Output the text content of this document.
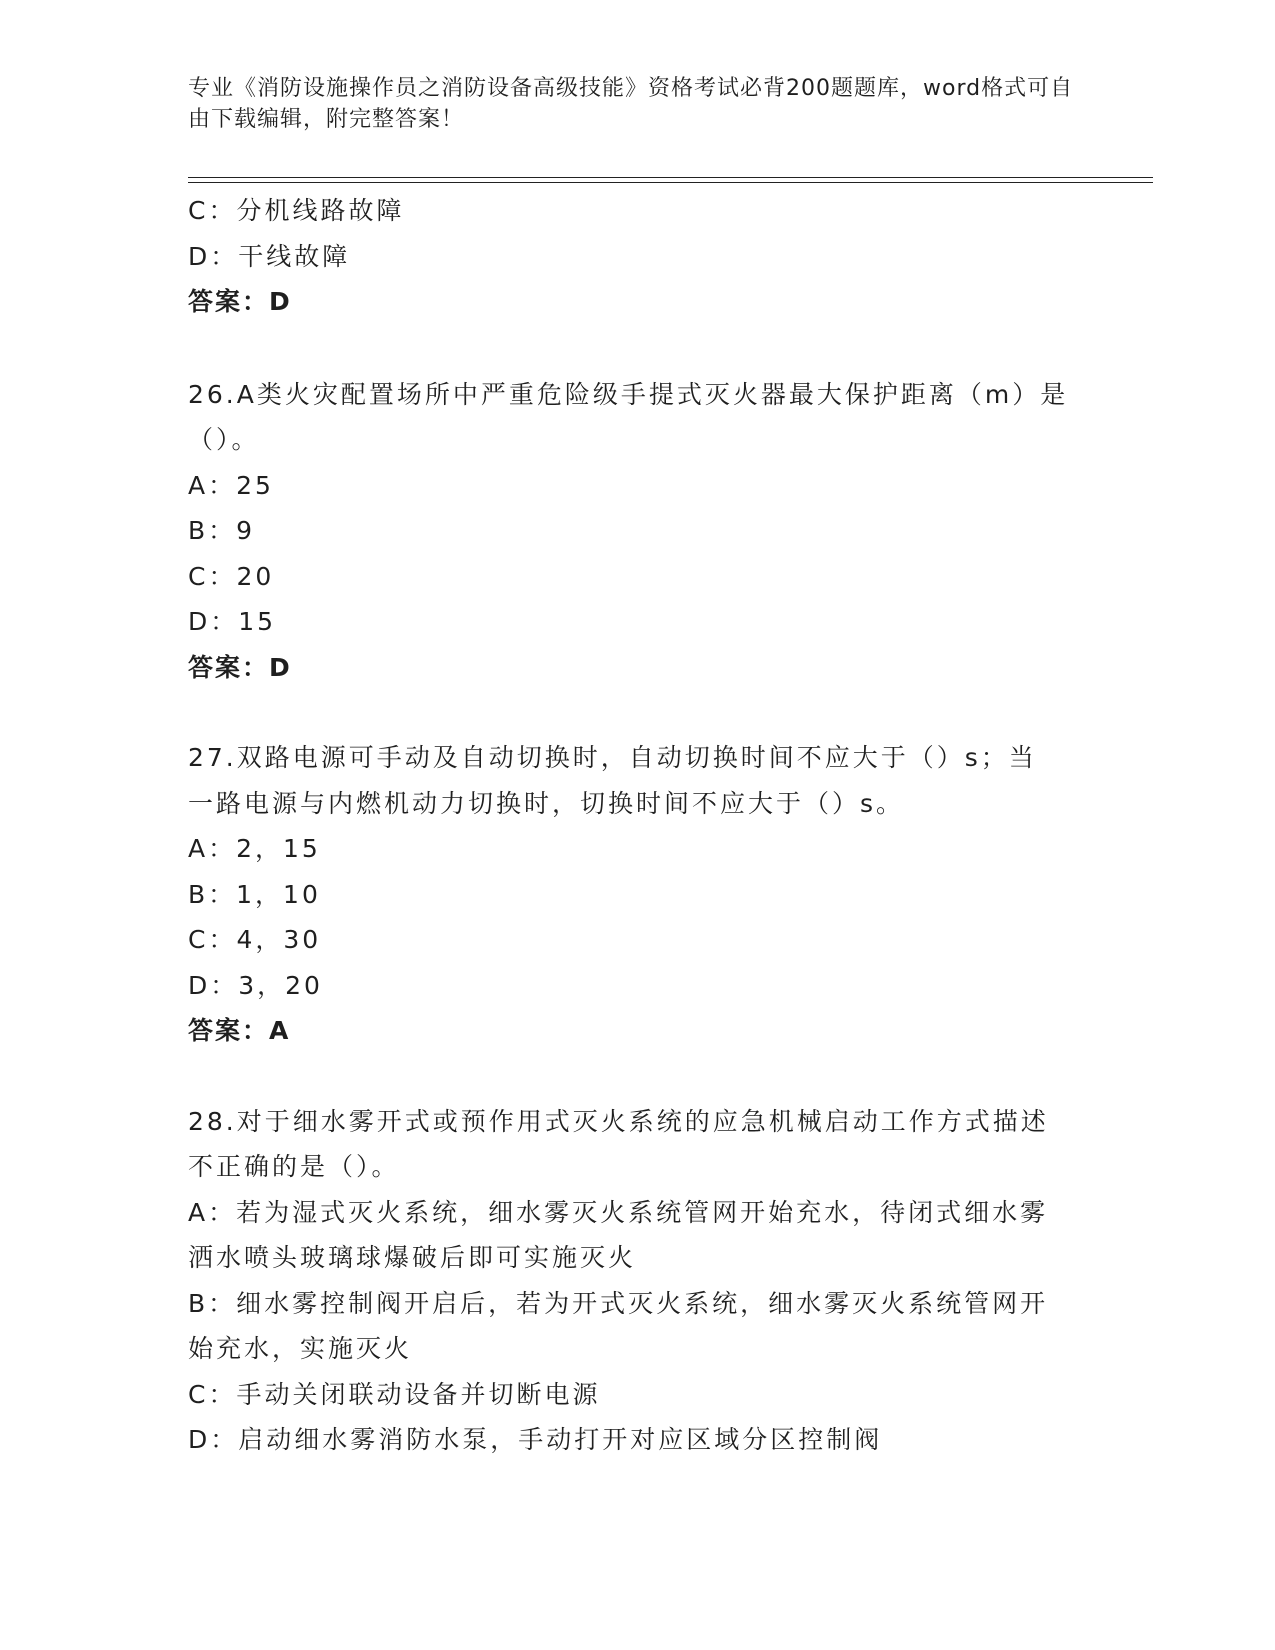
专业《消防设施操作员之消防设备高级技能》资格考试必背200题题库，word格式可自由下载编辑，附完整答案！
C：分机线路故障
D：干线故障
答案：D
26.A类火灾配置场所中严重危险级手提式灭火器最大保护距离（m）是
（）。
A：25
B：9
C：20
D：15
答案：D
27.双路电源可手动及自动切换时，自动切换时间不应大于（）s；当
一路电源与内燃机动力切换时，切换时间不应大于（）s。
A：2，15
B：1，10
C：4，30
D：3，20
答案：A
28.对于细水雾开式或预作用式灭火系统的应急机械启动工作方式描述
不正确的是（）。
A：若为湿式灭火系统，细水雾灭火系统管网开始充水，待闭式细水雾
洒水喷头玻璃球爆破后即可实施灭火
B：细水雾控制阀开启后，若为开式灭火系统，细水雾灭火系统管网开
始充水，实施灭火
C：手动关闭联动设备并切断电源
D：启动细水雾消防水泵，手动打开对应区域分区控制阀
